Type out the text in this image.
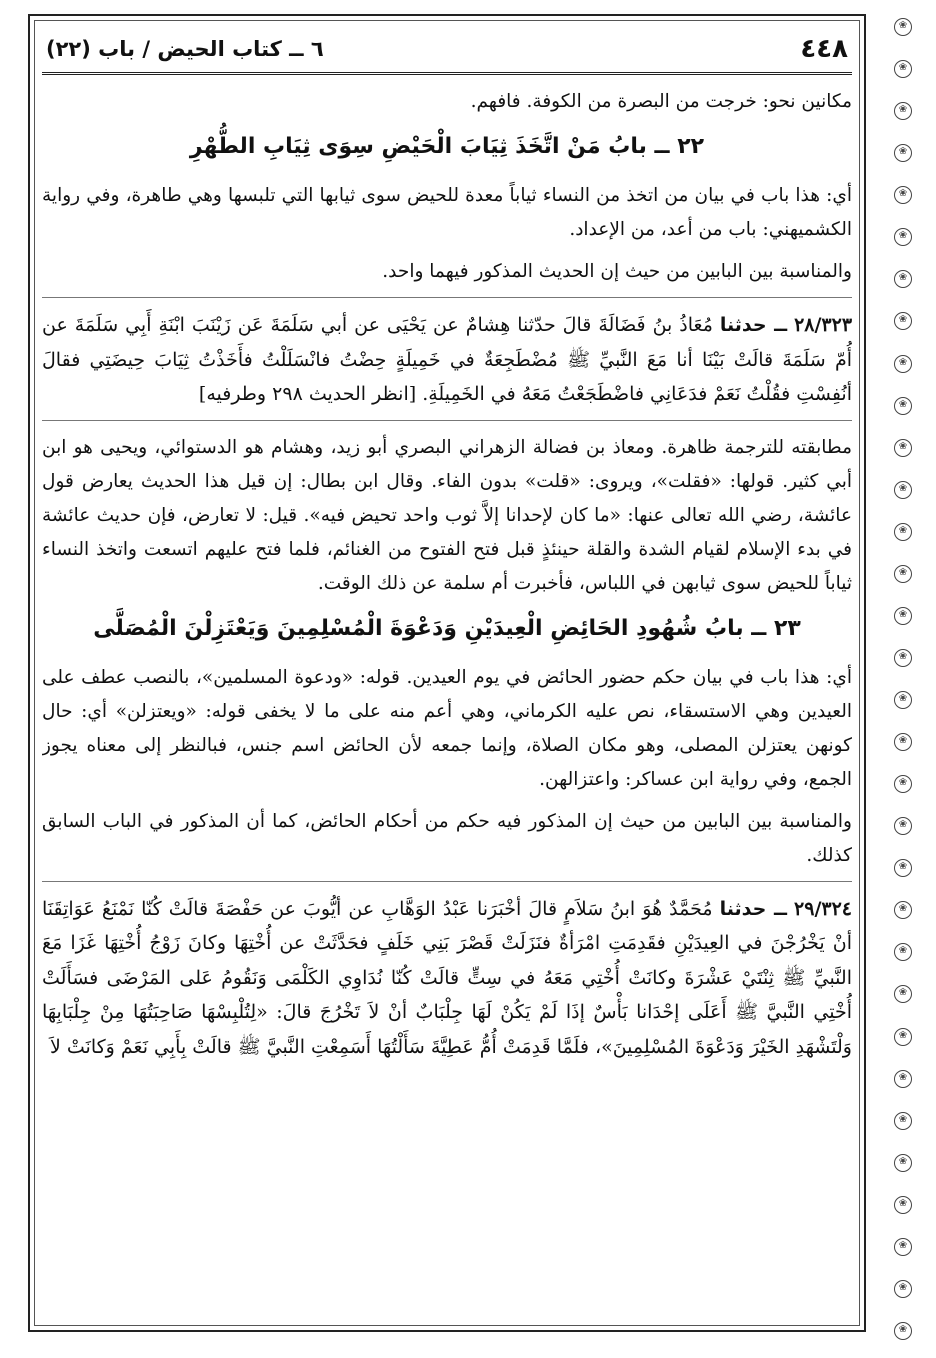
❀
❀
❀
❀
❀
❀
❀
❀
❀
❀
❀
❀
❀
❀
❀
❀
❀
❀
❀
❀
❀
❀
❀
❀
❀
❀
❀
❀
❀
❀
❀
❀
٤٤٨
٦ ــ كتاب الحيض / باب (٢٢)

مكانين نحو: خرجت من البصرة من الكوفة. فافهم.

٢٢ ــ بابُ مَنْ اتَّخَذَ ثِيَابَ الْحَيْضِ سِوَى ثِيَابِ الطُّهْرِ

أي: هذا باب في بيان من اتخذ من النساء ثياباً معدة للحيض سوى ثيابها التي تلبسها وهي طاهرة، وفي رواية الكشميهني: باب من أعد، من الإعداد.

والمناسبة بين البابين من حيث إن الحديث المذكور فيهما واحد.

٢٨/٣٢٣ ــ حدثنا مُعَاذُ بنُ فَضَالَةَ قالَ حدّثنا هِشامٌ عن يَحْيَى عن أبي سَلَمَةَ عَن زَيْنَبَ ابْنَةِ أَبِي سَلَمَةَ عن أُمّ سَلَمَةَ قالَتْ بَيْنَا أنا مَعَ النَّبيِّ ﷺ مُضْطَجِعَةٌ في خَمِيلَةٍ حِضْتُ فانْسَلَلْتُ فأَخَذْتُ ثِيَابَ حِيضَتِي فقالَ أنُفِسْتِ فقُلْتُ نَعَمْ فدَعَانِي فاضْطَجَعْتُ مَعَهُ في الخَمِيلَةِ. [انظر الحديث ٢٩٨ وطرفيه]

مطابقته للترجمة ظاهرة. ومعاذ بن فضالة الزهراني البصري أبو زيد، وهشام هو الدستوائي، ويحيى هو ابن أبي كثير. قولها: «فقلت»، ويروى: «قلت» بدون الفاء. وقال ابن بطال: إن قيل هذا الحديث يعارض قول عائشة، رضي الله تعالى عنها: «ما كان لإحدانا إلاَّ ثوب واحد تحيض فيه». قيل: لا تعارض، فإن حديث عائشة في بدء الإسلام لقيام الشدة والقلة حينئذٍ قبل فتح الفتوح من الغنائم، فلما فتح عليهم اتسعت واتخذ النساء ثياباً للحيض سوى ثيابهن في اللباس، فأخبرت أم سلمة عن ذلك الوقت.

٢٣ ــ بابُ شُهُودِ الحَائِضِ الْعِيدَيْنِ وَدَعْوَةَ الْمُسْلِمِينَ وَيَعْتَزِلْنَ الْمُصَلَّى

أي: هذا باب في بيان حكم حضور الحائض في يوم العيدين. قوله: «ودعوة المسلمين»، بالنصب عطف على العيدين وهي الاستسقاء، نص عليه الكرماني، وهي أعم منه على ما لا يخفى قوله: «ويعتزلن» أي: حال كونهن يعتزلن المصلى، وهو مكان الصلاة، وإنما جمعه لأن الحائض اسم جنس، فبالنظر إلى معناه يجوز الجمع، وفي رواية ابن عساكر: واعتزالهن.

والمناسبة بين البابين من حيث إن المذكور فيه حكم من أحكام الحائض، كما أن المذكور في الباب السابق كذلك.

٢٩/٣٢٤ ــ حدثنا مُحَمَّدٌ هُوَ ابنُ سَلاَمٍ قالَ أخْبَرَنا عَبْدُ الوَهَّابِ عن أيُّوبَ عن حَفْصَةَ قالَتْ كُنّا نَمْنَعُ عَوَاتِقَنَا أنْ يَخْرُجْنَ في العِيدَيْنِ فقَدِمَتِ امْرَأةٌ فنَزَلَتْ قَصْرَ بَنِي خَلَفٍ فحَدَّثَتْ عن أُخْتِهَا وكانَ زَوْجُ أُخْتِهَا غَزَا مَعَ النَّبيِّ ﷺ ثِنْتَيْ عَشْرَةَ وكانَتْ أُخْتِي مَعَهُ في سِتٍّ قالَتْ كُنّا نُدَاوِي الكَلْمَى وَنَقُومُ عَلى المَرْضَى فسَأَلَتْ أُخْتِي النَّبيَّ ﷺ أَعَلَى إحْدَانا بَأْسٌ إذَا لَمْ يَكُنْ لَهَا جِلْبَابٌ أنْ لاَ تَخْرُجَ قالَ: «لِتُلْبِسْهَا صَاحِبَتُهَا مِنْ جِلْبَابِهَا وَلْتَشْهَدِ الخَيْرَ وَدَعْوَةَ المُسْلِمِينَ»، فلَمَّا قَدِمَتْ أُمُّ عَطِيَّةَ سَأَلْتُهَا أَسَمِعْتِ النَّبيَّ ﷺ قالَتْ بِأَبِي نَعَمْ وَكانَتْ لاَ
